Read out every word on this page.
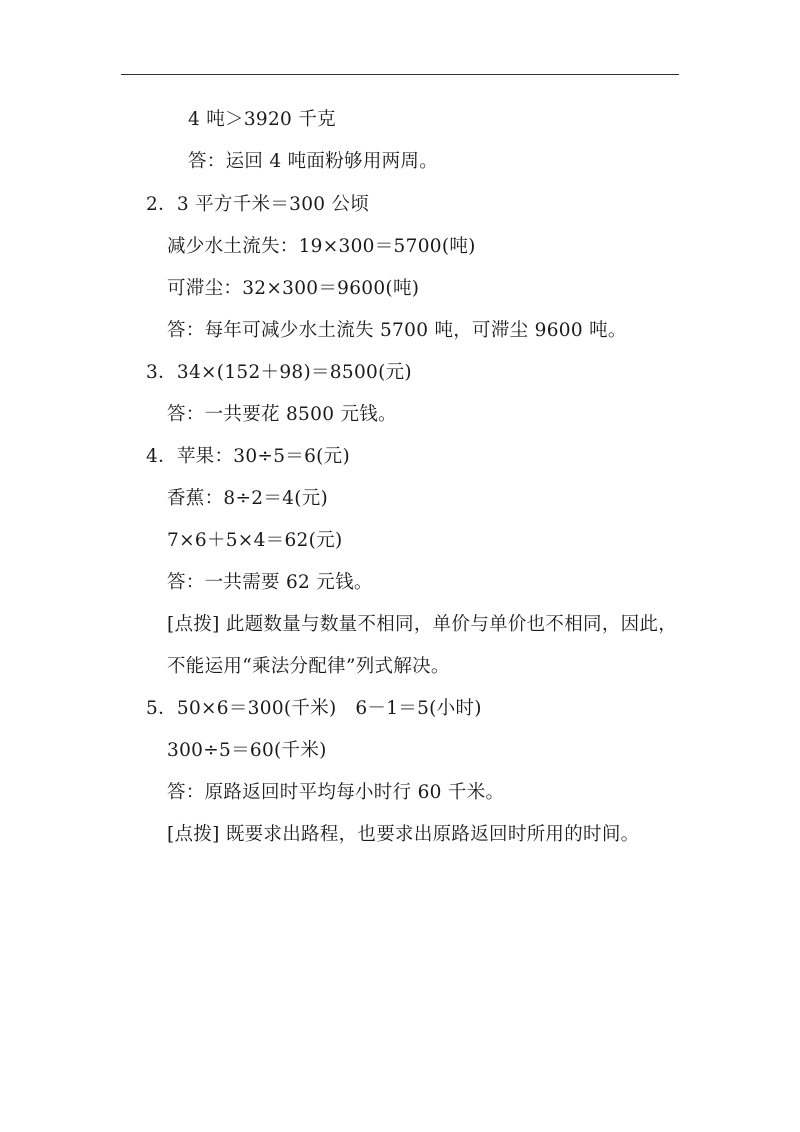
4 吨＞3920 千克
答：运回 4 吨面粉够用两周。
2．3 平方千米＝300 公顷
减少水土流失：19×300＝5700(吨)
可滞尘：32×300＝9600(吨)
答：每年可减少水土流失 5700 吨，可滞尘 9600 吨。
3．34×(152＋98)＝8500(元)
答：一共要花 8500 元钱。
4．苹果：30÷5＝6(元)
香蕉：8÷2＝4(元)
7×6＋5×4＝62(元)
答：一共需要 62 元钱。
[点拨] 此题数量与数量不相同，单价与单价也不相同，因此，
不能运用“乘法分配律”列式解决。
5．50×6＝300(千米)　6－1＝5(小时)
300÷5＝60(千米)
答：原路返回时平均每小时行 60 千米。
[点拨] 既要求出路程，也要求出原路返回时所用的时间。
